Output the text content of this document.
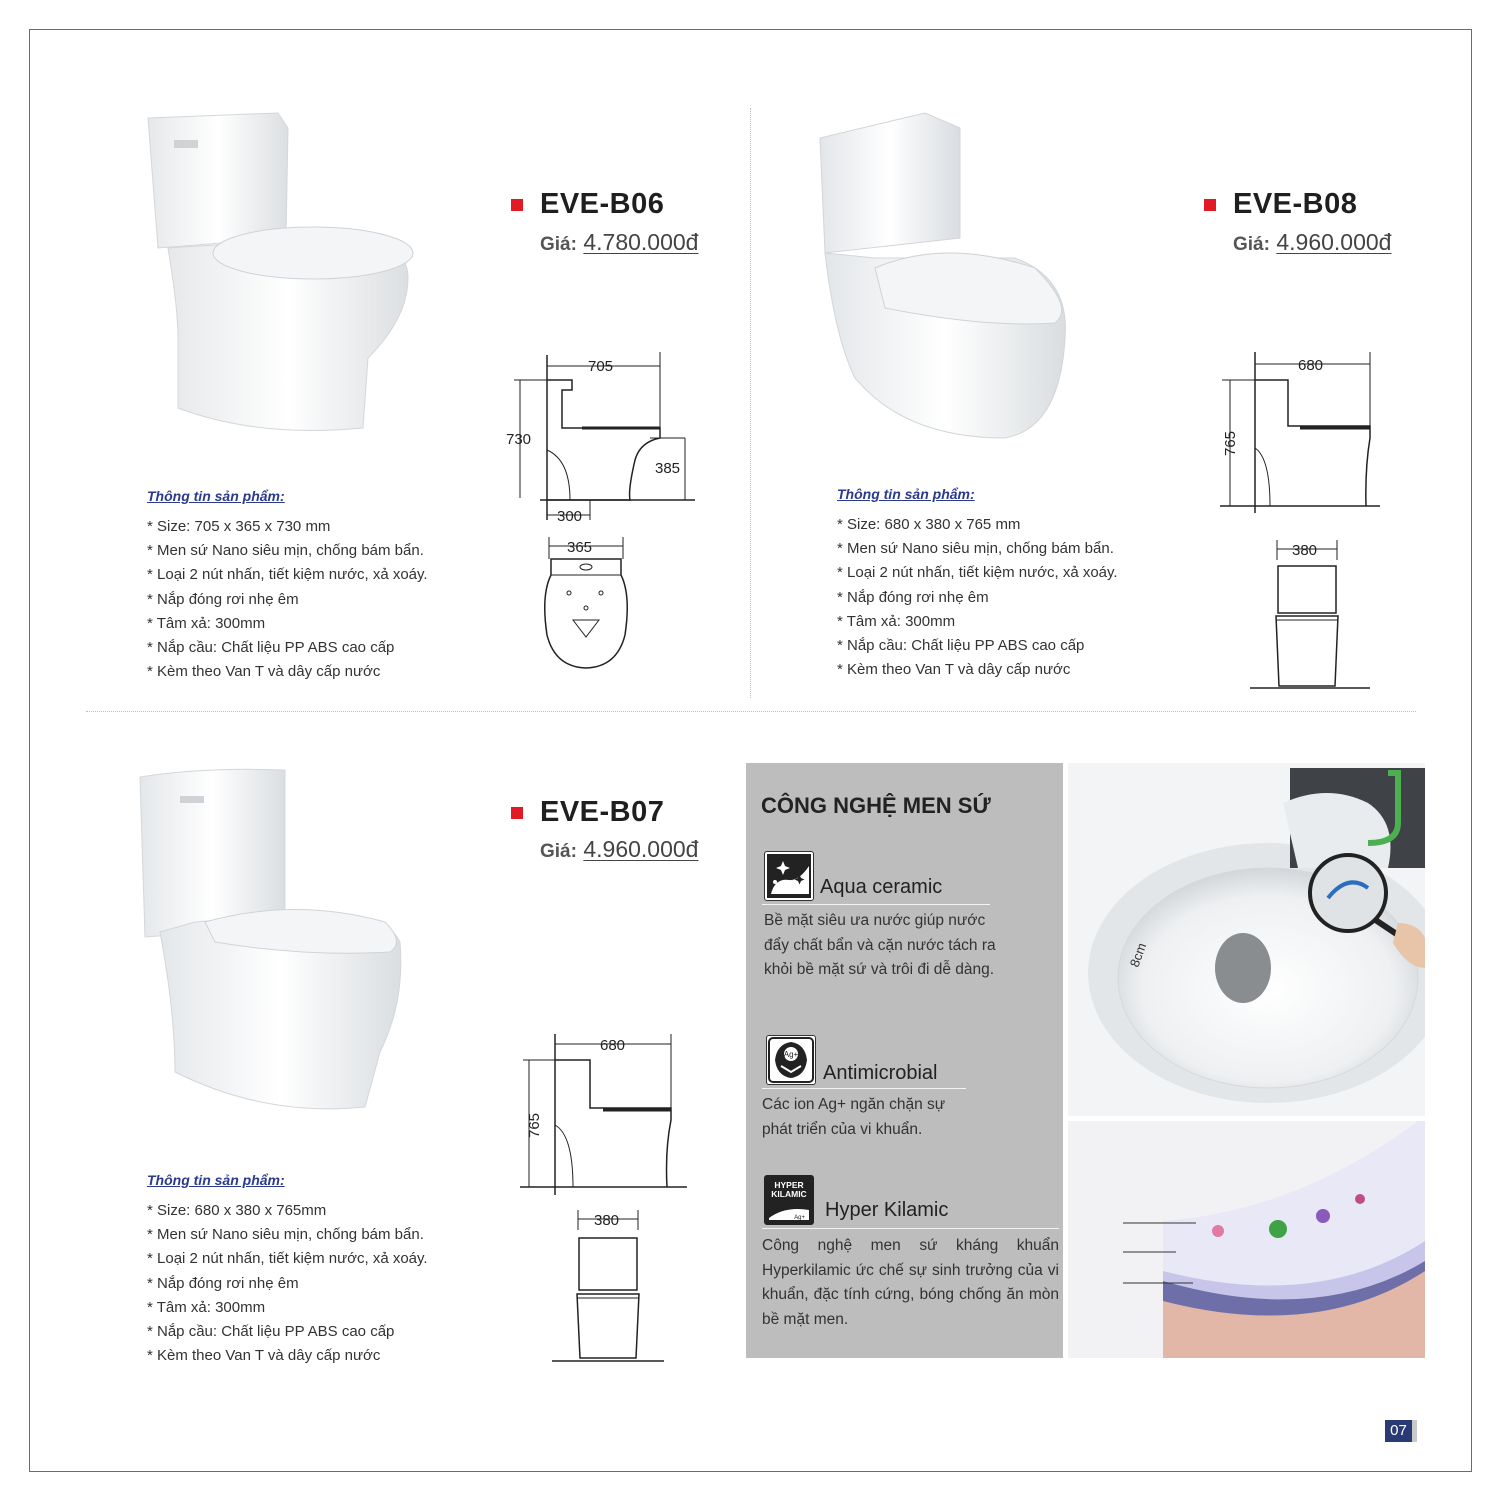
EVE-B06
Giá: 4.780.000đ
705
730
385
300
365
Thông tin sản phẩm:
* Size: 705 x 365 x 730 mm
* Men sứ Nano siêu mịn, chống bám bẩn.
* Loại 2 nút nhấn, tiết kiệm nước, xả xoáy.
* Nắp đóng rơi nhẹ êm
* Tâm xả: 300mm
* Nắp cầu: Chất liệu PP ABS cao cấp
* Kèm theo Van T và dây cấp nước
EVE-B08
Giá: 4.960.000đ
680
765
380
Thông tin sản phẩm:
* Size: 680 x 380 x 765 mm
* Men sứ Nano siêu mịn, chống bám bẩn.
* Loại 2 nút nhấn, tiết kiệm nước, xả xoáy.
* Nắp đóng rơi nhẹ êm
* Tâm xả: 300mm
* Nắp cầu: Chất liệu PP ABS cao cấp
* Kèm theo Van T và dây cấp nước
EVE-B07
Giá: 4.960.000đ
680
765
380
Thông tin sản phẩm:
* Size: 680 x 380 x 765mm
* Men sứ Nano siêu mịn, chống bám bẩn.
* Loại 2 nút nhấn, tiết kiệm nước, xả xoáy.
* Nắp đóng rơi nhẹ êm
* Tâm xả: 300mm
* Nắp cầu: Chất liệu PP ABS cao cấp
* Kèm theo Van T và dây cấp nước
CÔNG NGHỆ MEN SỨ
Aqua ceramic
Bề mặt siêu ưa nước giúp nước đẩy chất bẩn và cặn nước tách ra khỏi bề mặt sứ và trôi đi dễ dàng.
Ag+
Antimicrobial
Các ion Ag+ ngăn chặn sự phát triển của vi khuẩn.
HYPER
KILAMIC
Ag+ Hyper Kilamic
Công nghệ men sứ kháng khuẩn Hyperkilamic ức chế sự sinh trưởng của vi khuẩn, đặc tính cứng, bóng chống ăn mòn bề mặt men.
8cm
07
